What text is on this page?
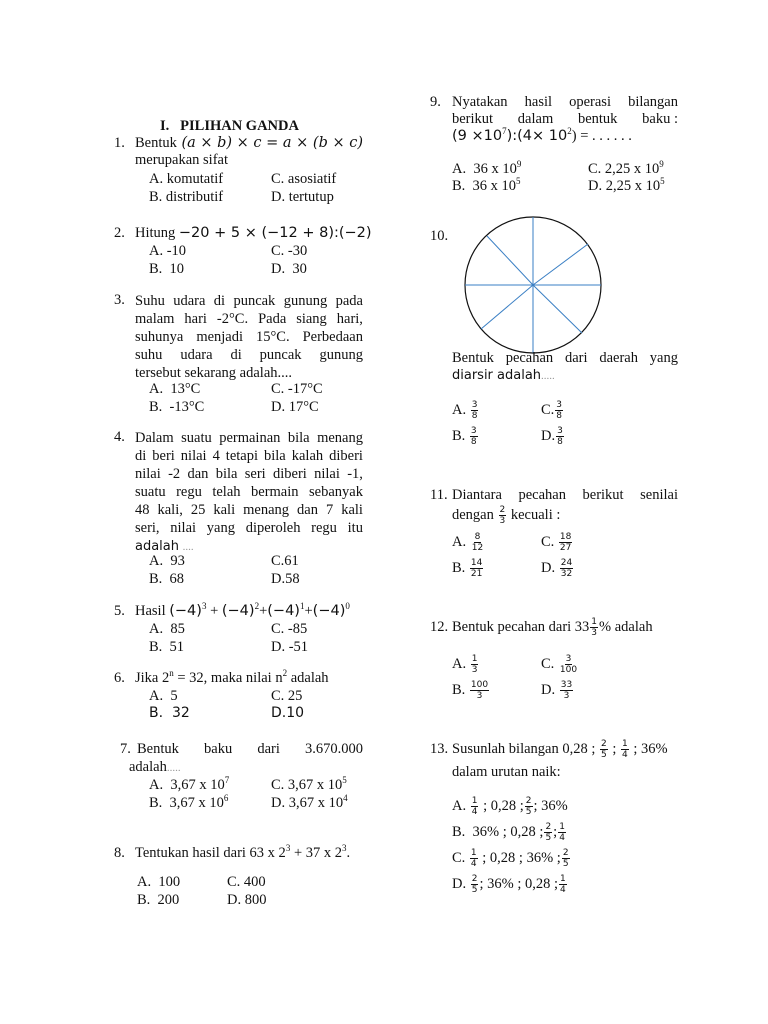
I.   PILIHAN GANDA
1. Bentuk (a × b) × c = a × (b × c)
merupakan sifat
A. komutatif	C. asosiatif
B. distributif	D. tertutup
2. Hitung −20 + 5 × (−12 + 8):(−2)
A. -10	C. -30
B.  10	D.  30
3. Suhu udara di puncak gunung pada
malam hari -2°C. Pada siang hari,
suhunya menjadi 15°C. Perbedaan
suhu udara di puncak gunung
tersebut sekarang adalah....
A.  13°C	C. -17°C
B.  -13°C	D. 17°C
4. Dalam suatu permainan bila menang
di beri nilai 4 tetapi bila kalah diberi
nilai -2 dan bila seri diberi nilai -1,
suatu regu telah bermain sebanyak
48 kali, 25 kali menang dan 7 kali
seri, nilai yang diperoleh regu itu
adalah ....
A.  93	C.61
B.  68	D.58
5. Hasil $(-4)^3 + (-4)^2+(-4)^1+(-4)^0$
A.  85	C. -85
B.  51	D. -51
6. Jika $2^n = 32$, maka nilai $n^2$ adalah
A.  5	C. 25
B.  32	D.10
7. Bentuk baku dari 3.670.000
adalah.....
A.  3,67 x $10^7$	C. 3,67 x $10^5$
B.  3,67 x $10^6$	D. 3,67 x $10^4$
8. Tentukan hasil dari 63 x $2^3 + 37$ x $2^3$.
A.  100	C. 400
B.  200	D. 800
9. Nyatakan hasil operasi bilangan
berikut dalam bentuk baku :
$(9 \times 10^7):(4\times 10^2)$ = . . . . . .
A.  36 x $10^9$	C. 2,25 x $10^9$
B.  36 x $10^5$	D. 2,25 x $10^5$
10.
Bentuk pecahan dari daerah yang
diarsir adalah.....
A. $\frac{3}{8}$	C. $\frac{3}{8}$
B. $\frac{3}{8}$	D. $\frac{3}{8}$
11. Diantara pecahan berikut senilai
dengan $\frac{2}{3}$ kecuali :
A. $\frac{8}{12}$	C. $\frac{18}{27}$
B. $\frac{14}{21}$	D. $\frac{24}{32}$
12. Bentuk pecahan dari $33 \frac{1}{3}$ % adalah
A. $\frac{1}{3}$	C. $\frac{3}{100}$
B. $\frac{100}{3}$	D. $\frac{33}{3}$
13. Susunlah bilangan 0,28 ; $\frac{2}{5}$ ; $\frac{1}{4}$ ; 36%
dalam urutan naik:
A. $\frac{1}{4}$ ; 0,28 ; $\frac{2}{5}$ ; 36%
B.  36% ; 0,28 ; $\frac{2}{5}$ ; $\frac{1}{4}$
C. $\frac{1}{4}$ ; 0,28 ; 36% ; $\frac{2}{5}$
D. $\frac{2}{5}$ ; 36% ; 0,28 ; $\frac{1}{4}$
